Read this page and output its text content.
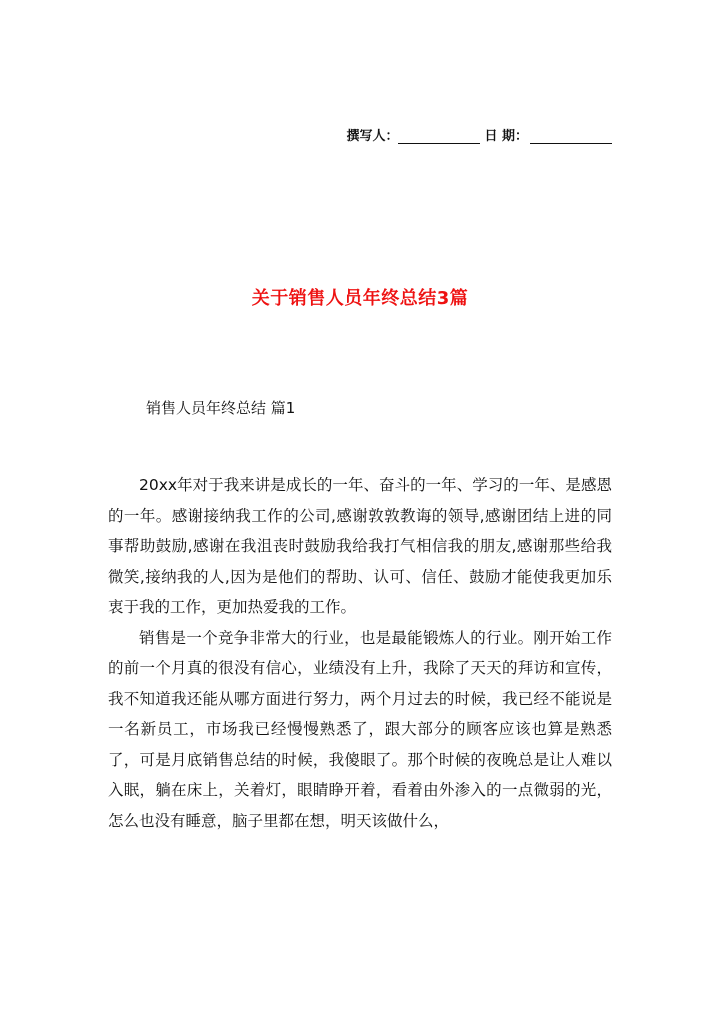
撰写人：	日 期：
关于销售人员年终总结3篇
销售人员年终总结 篇1

20xx年对于我来讲是成长的一年、奋斗的一年、学习的一年、是感恩的一年。感谢接纳我工作的公司,感谢敦敦教诲的领导,感谢团结上进的同事帮助鼓励,感谢在我沮丧时鼓励我给我打气相信我的朋友,感谢那些给我微笑,接纳我的人,因为是他们的帮助、认可、信任、鼓励才能使我更加乐衷于我的工作，更加热爱我的工作。

销售是一个竞争非常大的行业，也是最能锻炼人的行业。刚开始工作的前一个月真的很没有信心，业绩没有上升，我除了天天的拜访和宣传，我不知道我还能从哪方面进行努力，两个月过去的时候，我已经不能说是一名新员工，市场我已经慢慢熟悉了，跟大部分的顾客应该也算是熟悉了，可是月底销售总结的时候，我傻眼了。那个时候的夜晚总是让人难以入眠，躺在床上，关着灯，眼睛睁开着，看着由外渗入的一点微弱的光，怎么也没有睡意，脑子里都在想，明天该做什么，
